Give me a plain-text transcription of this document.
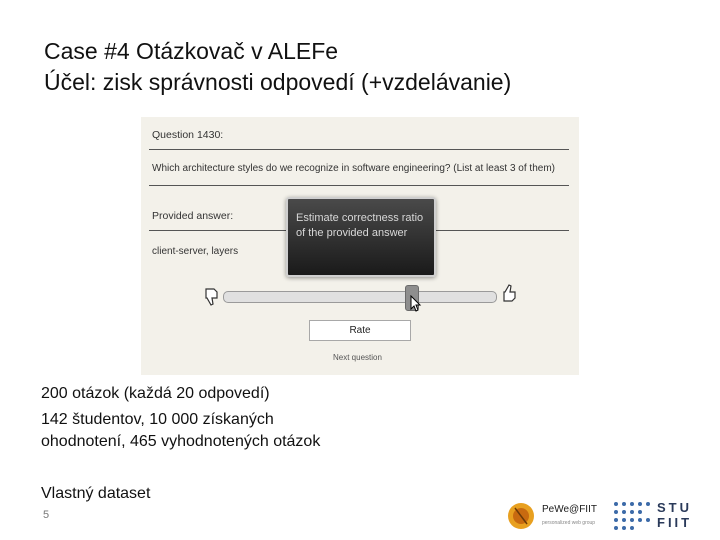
Case #4 Otázkovač v ALEFe
Účel: zisk správnosti odpovedí (+vzdelávanie)
Question 1430:
Which architecture styles do we recognize in software engineering? (List at least 3 of them)
Provided answer:
client-server, layers
Estimate correctness ratio of the provided answer
Rate
Next question
200 otázok (každá 20 odpovedí)
142 študentov, 10 000 získaných
ohodnotení, 465 vyhodnotených otázok
Vlastný dataset
5	PeWe@FIIT
personalized web group
STU
FIIT
